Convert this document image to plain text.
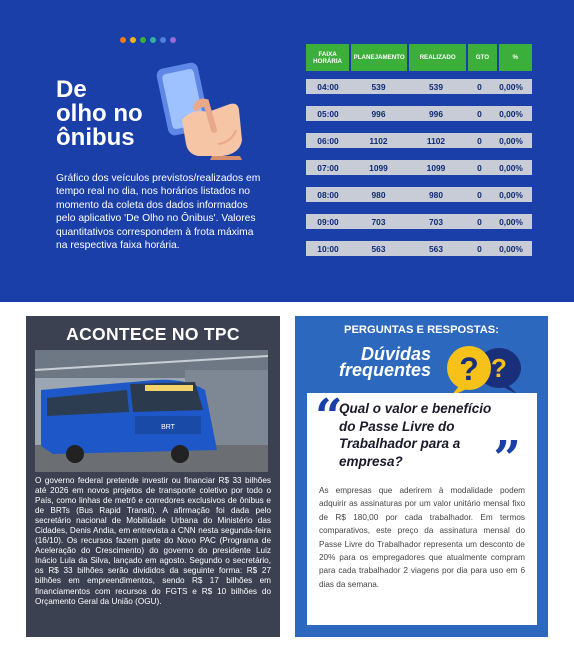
De
olho no
ônibus
Gráfico dos veículos previstos/realizados em tempo real no dia, nos horários listados no momento da coleta dos dados informados pelo aplicativo 'De Olho no Ônibus'. Valores quantitativos correspondem à frota máxima na respectiva faixa horária.
FAIXA HORÁRIA	PLANEJAMENTO	REALIZADO	GTO	%
04:00	539	539	0	0,00%
05:00	996	996	0	0,00%
06:00	1102	1102	0	0,00%
07:00	1099	1099	0	0,00%
08:00	980	980	0	0,00%
09:00	703	703	0	0,00%
10:00	563	563	0	0,00%
ACONTECE NO TPC
BRT
O governo federal pretende investir ou financiar R$ 33 bilhões até 2026 em novos projetos de transporte coletivo por todo o País, como linhas de metrô e corredores exclusivos de ônibus e de BRTs (Bus Rapid Transit). A afirmação foi dada pelo secretário nacional de Mobilidade Urbana do Ministério das Cidades, Denis Andia, em entrevista a CNN nesta segunda-feira (16/10). Os recursos fazem parte do Novo PAC (Programa de Aceleração do Crescimento) do governo do presidente Luiz Inácio Lula da Silva, lançado em agosto. Segundo o secretário, os R$ 33 bilhões serão divididos da seguinte forma: R$ 27 bilhões em empreendimentos, sendo R$ 17 bilhões em financiamentos com recursos do FGTS e R$ 10 bilhões do Orçamento Geral da União (OGU).
PERGUNTAS E RESPOSTAS:
Dúvidas
frequentes ?
?
“
Qual o valor e benefício do Passe Livre do Trabalhador para a empresa?	”
As empresas que aderirem à modalidade podem adquirir as assinaturas por um valor unitário mensal fixo de R$ 180,00 por cada trabalhador. Em termos comparativos, este preço da assinatura mensal do Passe Livre do Trabalhador representa um desconto de 20% para os empregadores que atualmente compram para cada trabalhador 2 viagens por dia para uso em 6 dias da semana.
